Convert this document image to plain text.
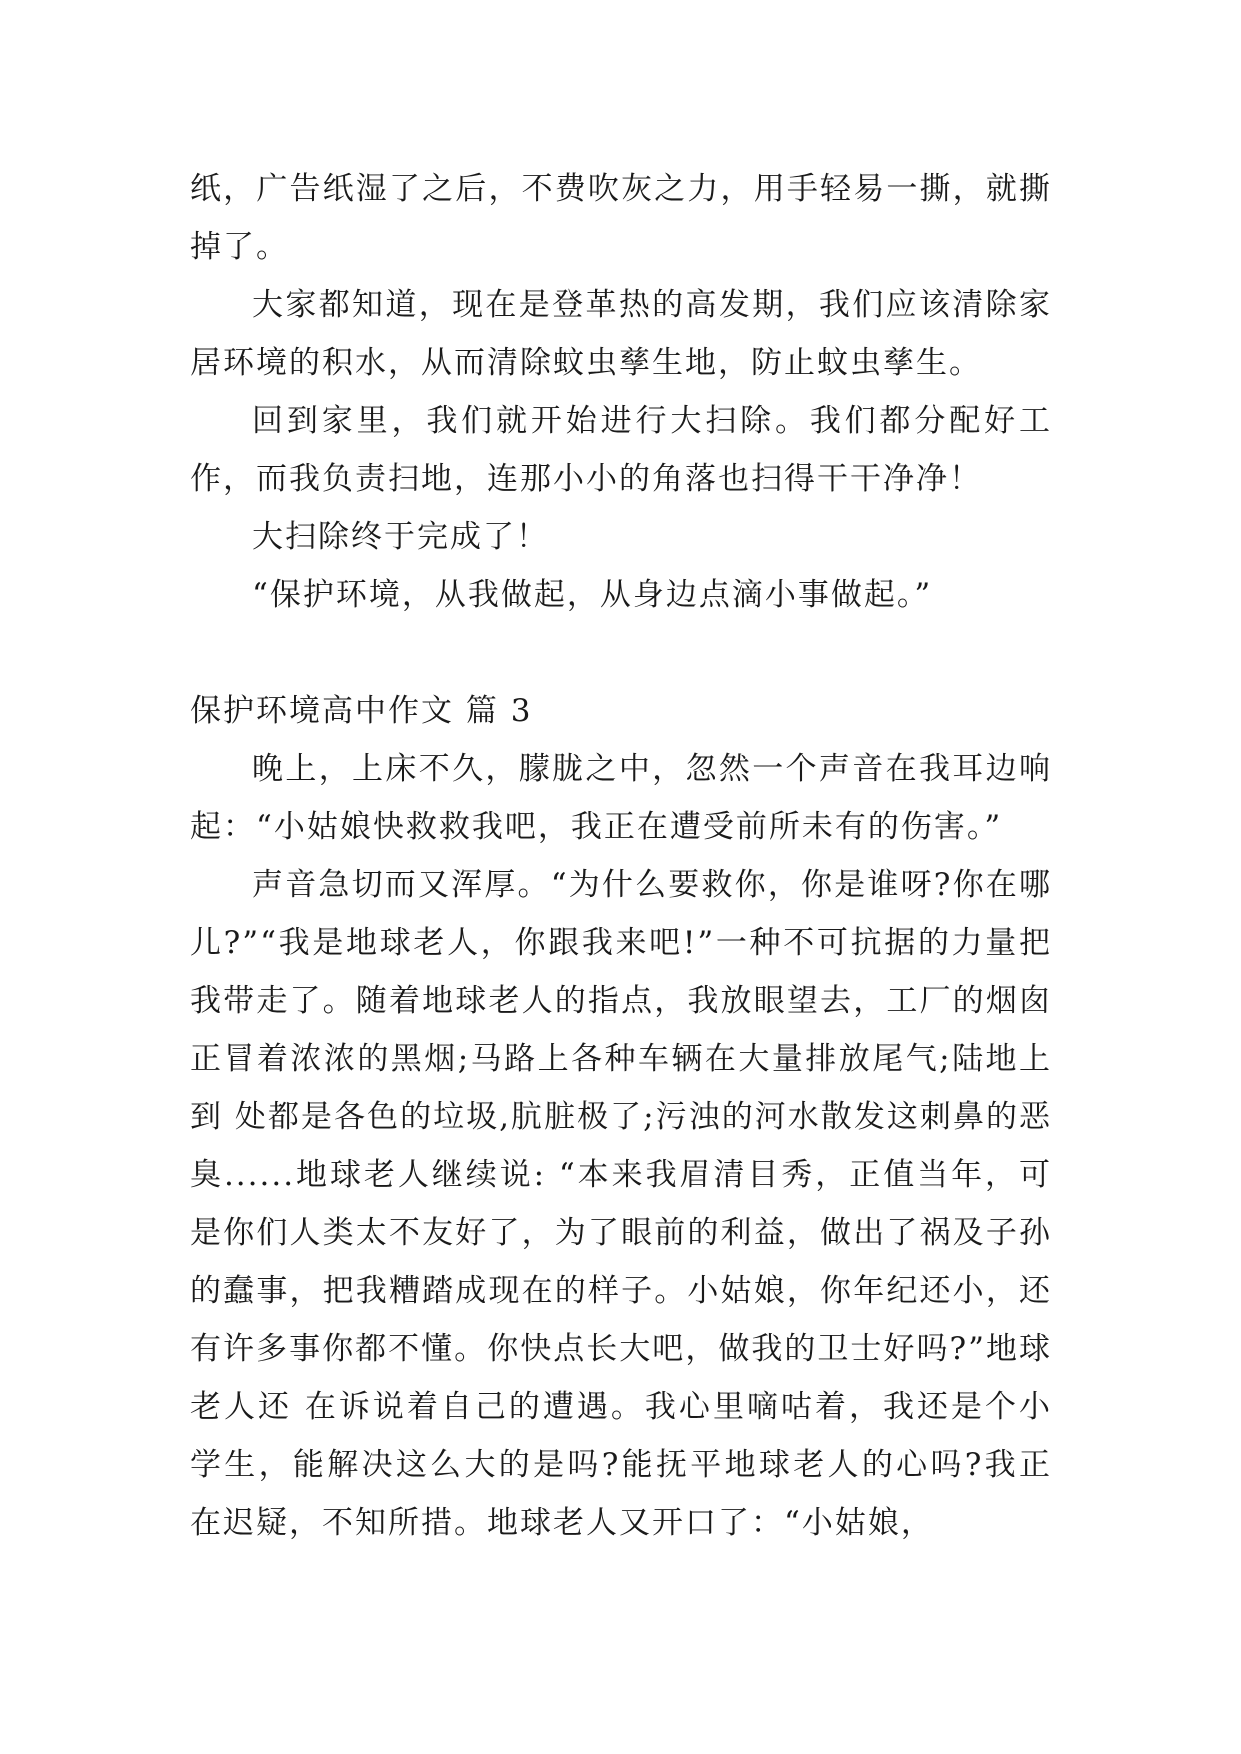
纸，广告纸湿了之后，不费吹灰之力，用手轻易一撕，就撕掉了。

大家都知道，现在是登革热的高发期，我们应该清除家居环境的积水，从而清除蚊虫孳生地，防止蚊虫孳生。

回到家里，我们就开始进行大扫除。我们都分配好工作，而我负责扫地，连那小小的角落也扫得干干净净！

大扫除终于完成了！

“保护环境，从我做起，从身边点滴小事做起。”

保护环境高中作文 篇 3

晚上，上床不久，朦胧之中，忽然一个声音在我耳边响起：“小姑娘快救救我吧，我正在遭受前所未有的伤害。”

声音急切而又浑厚。“为什么要救你，你是谁呀?你在哪儿?”“我是地球老人，你跟我来吧!”一种不可抗据的力量把我带走了。随着地球老人的指点，我放眼望去，工厂的烟囱正冒着浓浓的黑烟;马路上各种车辆在大量排放尾气;陆地上到 处都是各色的垃圾,肮脏极了;污浊的河水散发这刺鼻的恶臭......地球老人继续说: “本来我眉清目秀，正值当年，可是你们人类太不友好了，为了眼前的利益，做出了祸及子孙的蠢事，把我糟踏成现在的样子。小姑娘，你年纪还小，还有许多事你都不懂。你快点长大吧，做我的卫士好吗?”地球老人还 在诉说着自己的遭遇。我心里嘀咕着，我还是个小学生，能解决这么大的是吗?能抚平地球老人的心吗?我正在迟疑，不知所措。地球老人又开口了：“小姑娘，
